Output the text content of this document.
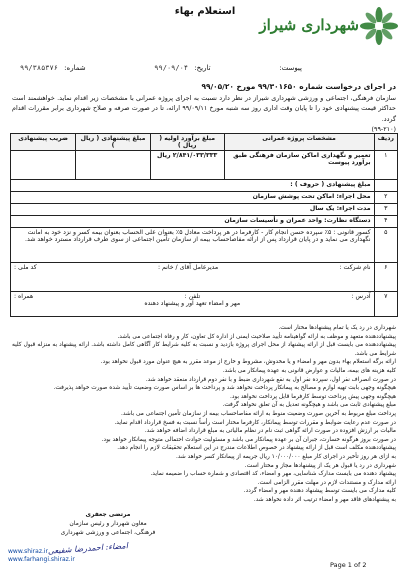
شهرداری شیراز
استعلام بهاء
شماره: ۹۹/۳۸۵۳۷۶	تاریخ: ۹۹/۰۹/۰۴	پیوست:
در اجرای درخواست شماره ۹۹/۳۰۱۶۵۰ مورخ ۹۹/۰۵/۲۰
سازمان فرهنگی، اجتماعی و ورزشی شهرداری شیراز در نظر دارد نسبت به اجرای پروژه عمرانی با مشخصات زیر اقدام نماید. خواهشمند است حداکثر قیمت پیشنهادی خود را تا پایان وقت اداری روز سه شنبه مورخ ۹۹/۰۹/۱۱ ارائه، تا در صورت صرفه و صلاح شهرداری برابر مقررات اقدام گردد.
(۹۹-۲۱۰)
ردیف	مشخصات پروژه عمرانی	مبلغ برآورد اولیه ( ریال )	مبلغ پیشنهادی ( ریال )	ضریب پیشنهادی
۱	تعمیر و نگهداری اماکن سازمان فرهنگی طبق برآورد پیوست	۲/۸۴۱/۰۳۳/۳۳۳ ریال		
	مبلغ پیشنهادی ( حروف ) :			
۲	محل اجراء: اماکن تحت پوشش سازمان			
۳	مدت اجراء: یک سال			
۴	دستگاه نظارت: واحد عمران و تأسیسات سازمان			
۵	کسور قانونی : ۵٪ سپرده حسن انجام کار - کارفرما در هر پرداخت معادل ۵٪ بعنوان علی الحساب بعنوان بیمه کسر و نزد خود به امانت نگهداری می نماید و در پایان قرارداد پس از ارائه مفاصاحساب بیمه از سازمان تأمین اجتماعی از سوی طرف قرارداد مسترد خواهد شد.			
۶	نام شرکت :
مدیرعامل آقای / خانم :
کد ملی :			

۷	آدرس :
تلفن :
همراه :
مهر و امضاء تعهد آور و پیشنهاد دهنده			

شهرداری در رد یک یا تمام پیشنهادها مختار است.

پیشنهاددهنده متعهد و موظف به ارائه گواهینامه تأیید صلاحیت ایمنی از اداره کل تعاون، کار و رفاه اجتماعی می باشد.

پیشنهاددهنده می بایست قبل از ارائه پیشنهاد از محل اجرای پروژه بازدید و نسبت به کلیه شرایط کار آگاهی کامل داشته باشد. ارائه پیشنهاد به منزله قبول کلیه شرایط می باشد.

ارائه برگه استعلام بهاء بدون مهر و امضاء و یا مخدوش، مشروط و خارج از موعد مقرر به هیچ عنوان مورد قبول نخواهد بود.

کلیه هزینه های بیمه، مالیات و عوارض قانونی به عهده پیمانکار می باشد.

در صورت انصراف نفر اول، سپرده نفر اول به نفع شهرداری ضبط و با نفر دوم قرارداد منعقد خواهد شد.

هیچگونه وجهی بابت تهیه لوازم و مصالح به پیمانکار پرداخت نخواهد شد و پرداخت ها بر اساس صورت وضعیت تأیید شده صورت خواهد پذیرفت.

هیچگونه وجهی پیش پرداخت توسط کارفرما قابل پرداخت نخواهد بود.

مبلغ پیشنهادی ثابت می باشد و هیچگونه تعدیل به آن تعلق نخواهد گرفت.

پرداخت مبلغ مربوط به آخرین صورت وضعیت منوط به ارائه مفاصاحساب بیمه از سازمان تأمین اجتماعی می باشد.

در صورت عدم رعایت ضوابط و مقررات توسط پیمانکار، کارفرما مختار است رأساً نسبت به فسخ قرارداد اقدام نماید.

مالیات بر ارزش افزوده در صورت ارائه گواهی ثبت نام در نظام مالیاتی به مبلغ قرارداد اضافه خواهد شد.

در صورت بروز هرگونه خسارت، جبران آن بر عهده پیمانکار می باشد و مسئولیت حوادث احتمالی متوجه پیمانکار خواهد بود.

پیشنهاددهنده مکلف است قبل از ارائه پیشنهاد در خصوص اطلاعات مندرج در این استعلام تحقیقات لازم را انجام دهد.

به ازای هر روز تأخیر در اجرای کار مبلغ ۱۰/۰۰۰/۰۰۰ ریال جریمه از پیمانکار کسر خواهد شد.

شهرداری در رد یا قبول هر یک از پیشنهادها مجاز و مختار است.

پیشنهاد دهنده می بایست مدارک شناسایی، مهر و امضاء، کد اقتصادی و شماره حساب را ضمیمه نماید.

ارائه مدارک و مستندات لازم در مهلت مقرر الزامی است.

کلیه مدارک می بایست توسط پیشنهاد دهنده مهر و امضاء گردد.

به پیشنهادهای فاقد مهر و امضاء ترتیب اثر داده نخواهد شد.

مرتضی جعفری
معاون شهردار و رئیس سازمان
فرهنگی، اجتماعی و ورزشی شهرداری
امضاء: احمدرضا شفیعی
www.shiraz.ir
www.farhangi.shiraz.ir
Page 1 of 2
